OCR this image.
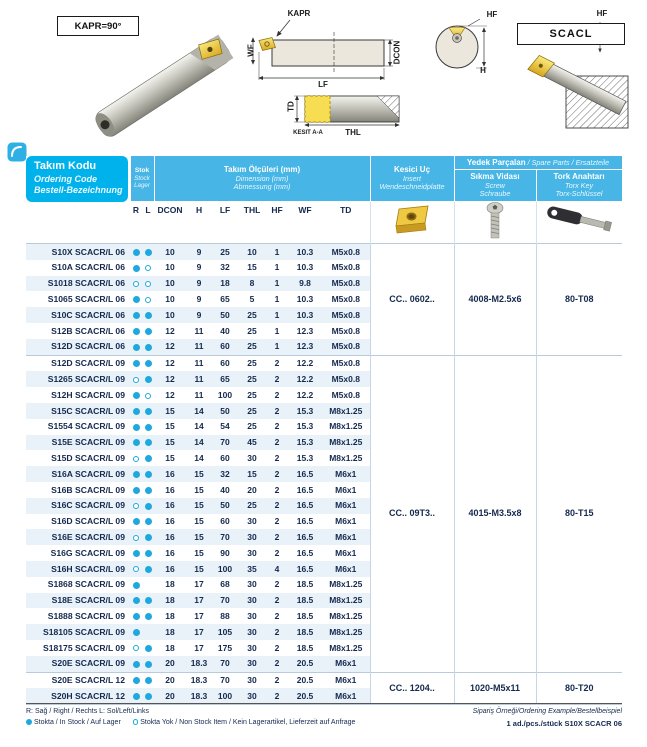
KAPR=90°
SCACL
KAPR
WF	DCON
LF
HF
H
HF
TD
THL
KESIT A-A
Takım Kodu
Ordering Code
Bestell-Bezeichnung

Stok
Stock
Lager

Takım Ölçüleri (mm)
Dimension (mm)
Abmessung (mm)

Kesici Uç
Insert
Wendeschneidplatte
	Yedek Parçalan / Spare Parts / Ersatzteile

Sıkma Vidası
Screw
Schraube

Tork Anahtarı
Torx Key
Torx-Schlüssel

	R	L	DCON	H	LF	THL	HF	WF	TD			
S10X SCACR/L 06			10	9	25	10	1	10.3	M5x0.8	CC.. 0602..	4008-M2.5x6	80-T08
S10A SCACR/L 06			10	9	32	15	1	10.3	M5x0.8			
S1018 SCACR/L 06			10	9	18	8	1	9.8	M5x0.8			
S1065 SCACR/L 06			10	9	65	5	1	10.3	M5x0.8			
S10C SCACR/L 06			10	9	50	25	1	10.3	M5x0.8			
S12B SCACR/L 06			12	11	40	25	1	12.3	M5x0.8			
S12D SCACR/L 06			12	11	60	25	1	12.3	M5x0.8			
S12D SCACR/L 09			12	11	60	25	2	12.2	M5x0.8	CC.. 09T3..	4015-M3.5x8	80-T15
S1265 SCACR/L 09			12	11	65	25	2	12.2	M5x0.8			
S12H SCACR/L 09			12	11	100	25	2	12.2	M5x0.8			
S15C SCACR/L 09			15	14	50	25	2	15.3	M8x1.25			
S1554 SCACR/L 09			15	14	54	25	2	15.3	M8x1.25			
S15E SCACR/L 09			15	14	70	45	2	15.3	M8x1.25			
S15D SCACR/L 09			15	14	60	30	2	15.3	M8x1.25			
S16A SCACR/L 09			16	15	32	15	2	16.5	M6x1			
S16B SCACR/L 09			16	15	40	20	2	16.5	M6x1			
S16C SCACR/L 09			16	15	50	25	2	16.5	M6x1			
S16D SCACR/L 09			16	15	60	30	2	16.5	M6x1			
S16E SCACR/L 09			16	15	70	30	2	16.5	M6x1			
S16G SCACR/L 09			16	15	90	30	2	16.5	M6x1			
S16H SCACR/L 09			16	15	100	35	4	16.5	M6x1			
S1868 SCACR/L 09			18	17	68	30	2	18.5	M8x1.25			
S18E SCACR/L 09			18	17	70	30	2	18.5	M8x1.25			
S1888 SCACR/L 09			18	17	88	30	2	18.5	M8x1.25			
S18105 SCACR/L 09			18	17	105	30	2	18.5	M8x1.25			
S18175 SCACR/L 09			18	17	175	30	2	18.5	M8x1.25			
S20E SCACR/L 09			20	18.3	70	30	2	20.5	M6x1			
S20E SCACR/L 12			20	18.3	70	30	2	20.5	M6x1	CC.. 1204..	1020-M5x11	80-T20
S20H SCACR/L 12			20	18.3	100	30	2	20.5	M6x1			
R: Sağ / Right / Rechts L: Sol/Left/Links
Stokta / In Stock / Auf Lager	Stokta Yok / Non Stock Item / Kein Lagerartikel, Lieferzeit auf Anfrage
Sipariş Örneği/Ordering Example/Bestellbeispiel
1 ad./pcs./stück S10X SCACR 06
